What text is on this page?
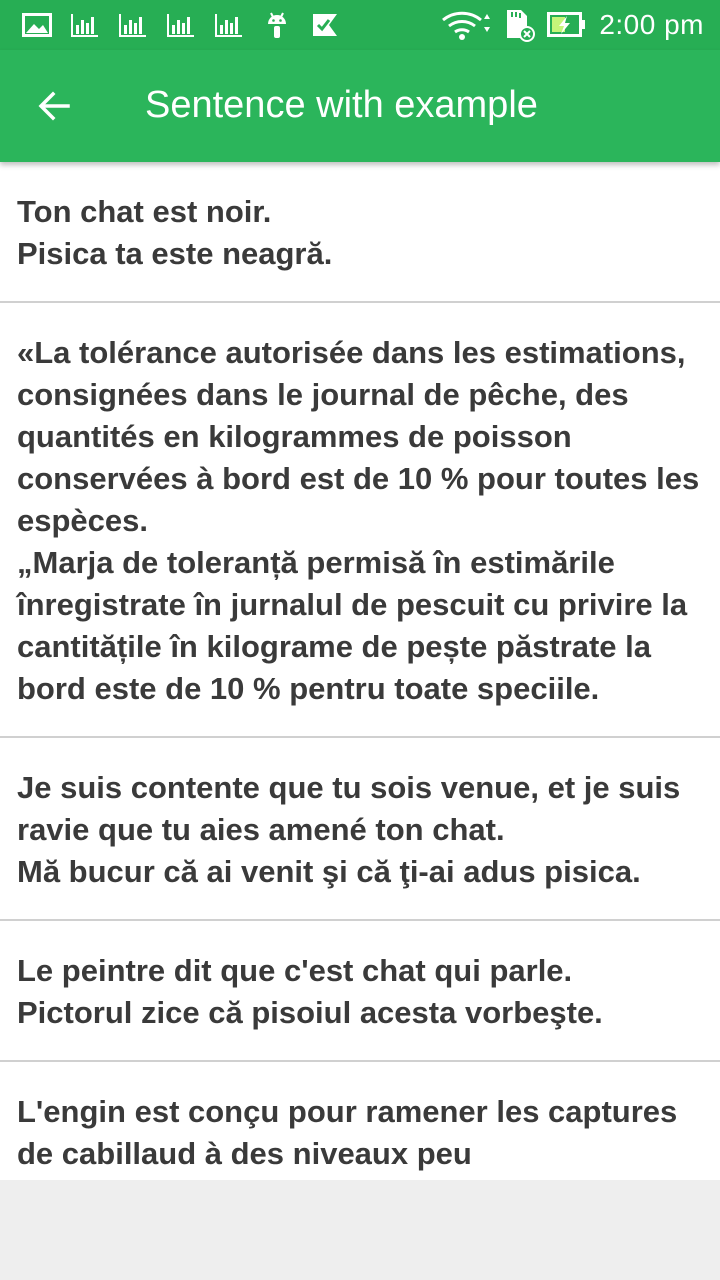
2:00 pm
Sentence with example
Ton chat est noir.
Pisica ta este neagră.
«La tolérance autorisée dans les estimations, consignées dans le journal de pêche, des quantités en kilogrammes de poisson conservées à bord est de 10 % pour toutes les espèces.
„Marja de toleranță permisă în estimările înregistrate în jurnalul de pescuit cu privire la cantitățile în kilograme de pește păstrate la bord este de 10 % pentru toate speciile.
Je suis contente que tu sois venue, et je suis ravie que tu aies amené ton chat.
Mă bucur că ai venit şi că ţi-ai adus pisica.
Le peintre dit que c'est chat qui parle.
Pictorul zice că pisoiul acesta vorbeşte.
L'engin est conçu pour ramener les captures de cabillaud à des niveaux peu
